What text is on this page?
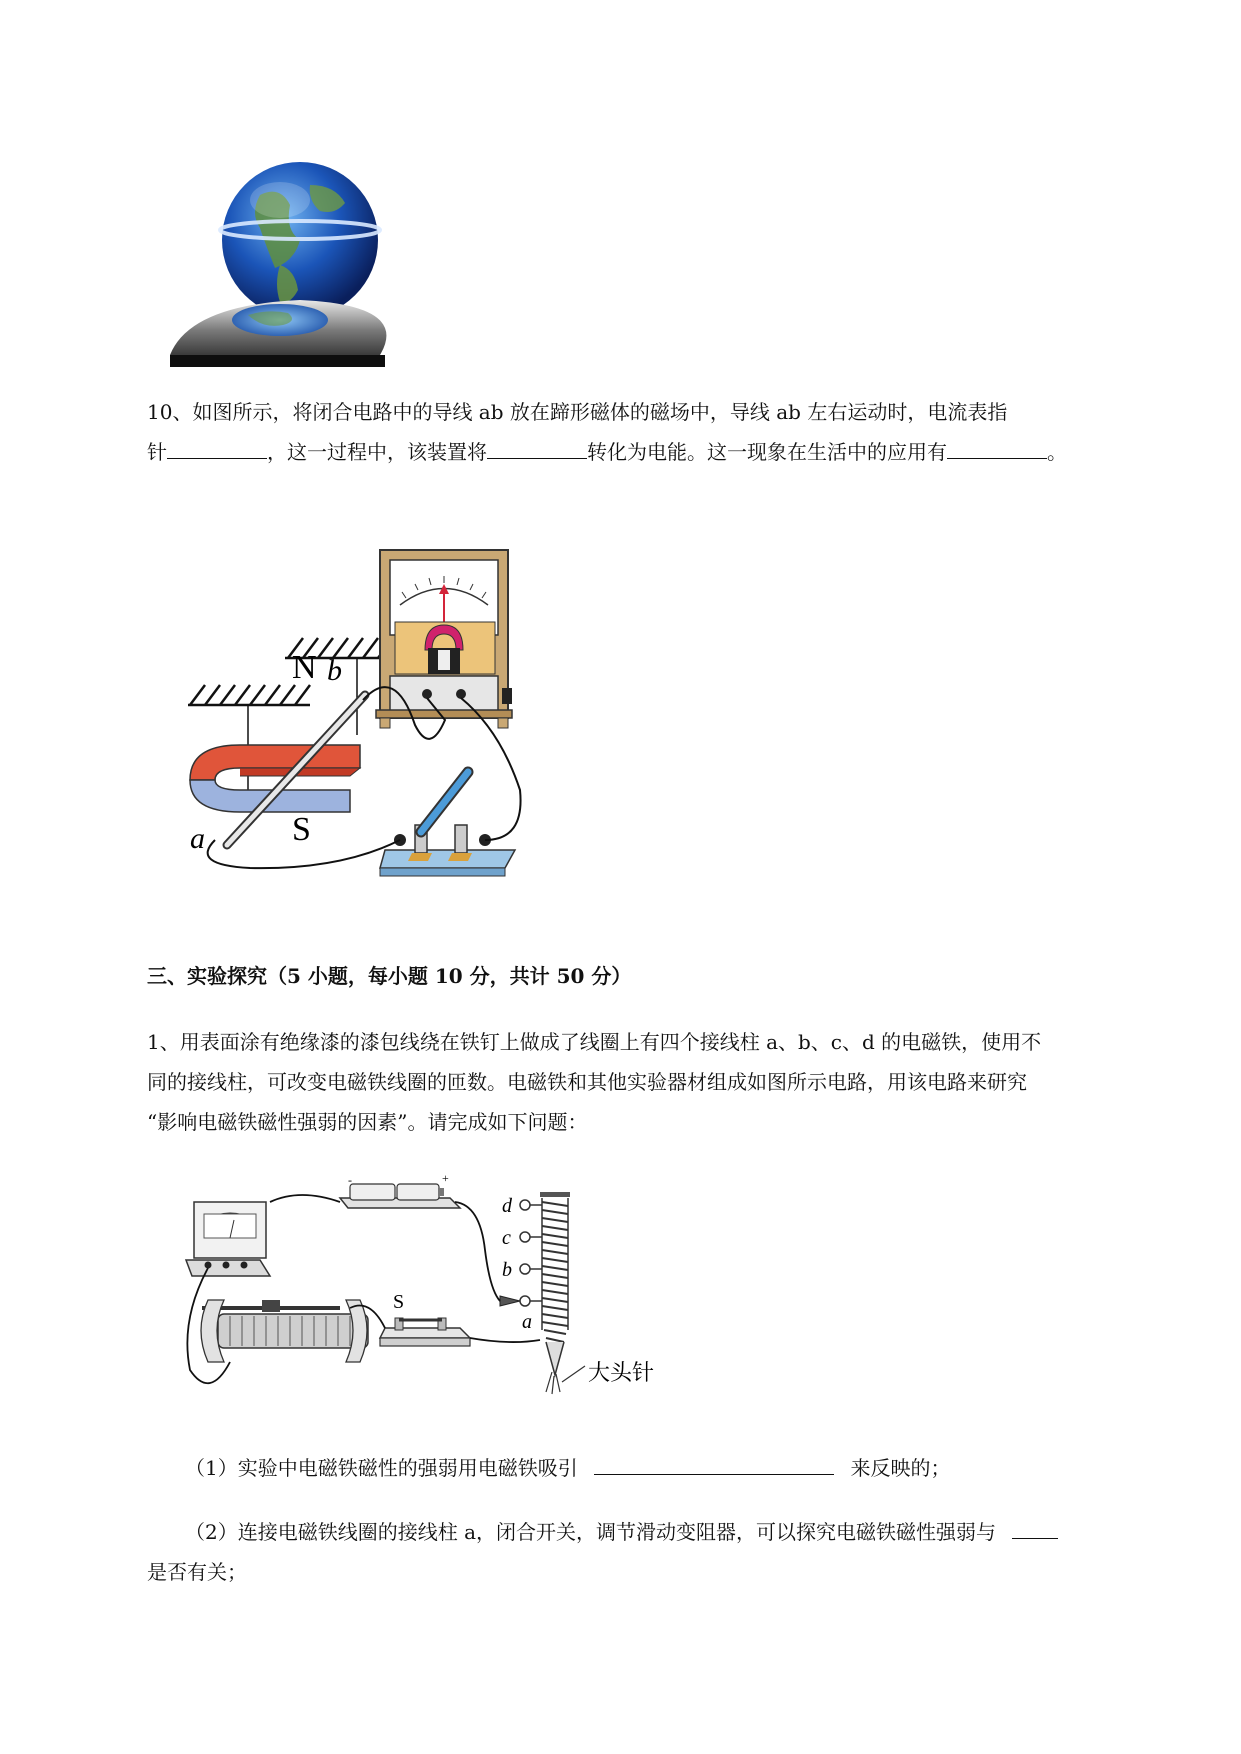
10、如图所示，将闭合电路中的导线 ab 放在蹄形磁体的磁场中，导线 ab 左右运动时，电流表指
针	，这一过程中，该装置将	转化为电能。这一现象在生活中的应用有	。
N
S
a
b
三、实验探究（5 小题，每小题 10 分，共计 50 分）
1、用表面涂有绝缘漆的漆包线绕在铁钉上做成了线圈上有四个接线柱 a、b、c、d 的电磁铁，使用不
同的接线柱，可改变电磁铁线圈的匝数。电磁铁和其他实验器材组成如图所示电路，用该电路来研究
“影响电磁铁磁性强弱的因素”。请完成如下问题：
-	+
S
d
c
b
a
大头针
（1）实验中电磁铁磁性的强弱用电磁铁吸引	来反映的；
（2）连接电磁铁线圈的接线柱 a，闭合开关，调节滑动变阻器，可以探究电磁铁磁性强弱与
是否有关；
